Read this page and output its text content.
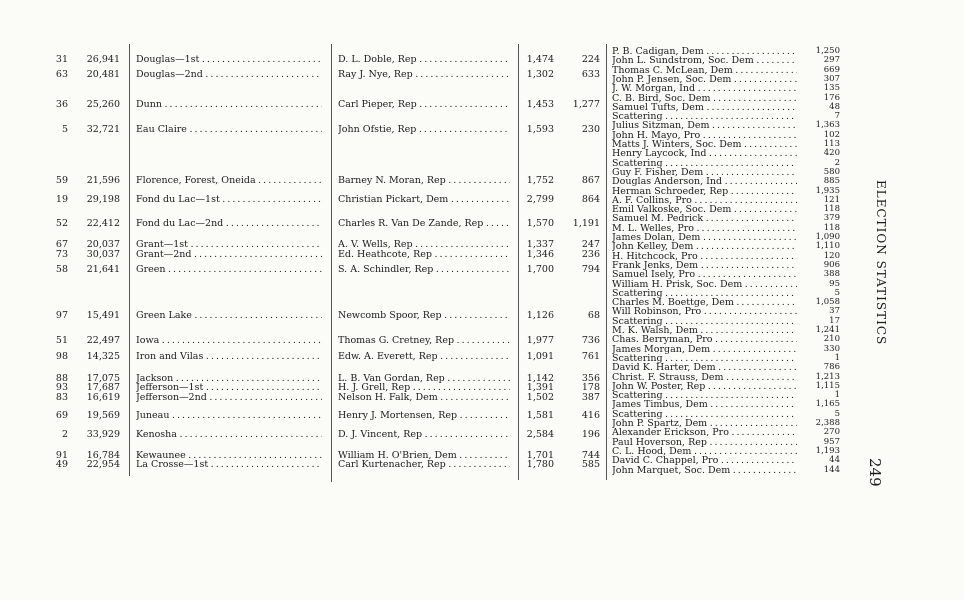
31	26,941 Douglas—1st . . .	D. L. Doble, Rep . . .	1,474	224
63	20,481 Douglas—2nd . . .	Ray J. Nye, Rep . . .	1,302	633
36	25,260 Dunn . . .	Carl Pieper, Rep . . .	1,453	1,277
5	32,721 Eau Claire . . .	John Ofstie, Rep . . .	1,593	230
59	21,596 Florence, Forest, Oneida . . .	Barney N. Moran, Rep . . .	1,752	867
19	29,198 Fond du Lac—1st . . .	Christian Pickart, Dem . . .	2,799	864
52	22,412 Fond du Lac—2nd . . .	Charles R. Van De Zande, Rep . . .	1,570	1,191
67	20,037 Grant—1st . . .	A. V. Wells, Rep . . .	1,337	247
73	30,037 Grant—2nd . . .	Ed. Heathcote, Rep . . .	1,346	236
58	21,641 Green . . .	S. A. Schindler, Rep . . .	1,700	794
97	15,491 Green Lake . . .	Newcomb Spoor, Rep . . .	1,126	68
51	22,497 Iowa . . .	Thomas G. Cretney, Rep . . .	1,977	736
98	14,325 Iron and Vilas . . .	Edw. A. Everett, Rep . . .	1,091	761
88	17,075 Jackson . . .	L. B. Van Gordan, Rep . . .	1,142	356
93	17,687 Jefferson—1st . . .	H. J. Grell, Rep . . .	1,391	178
83	16,619 Jefferson—2nd . . .	Nelson H. Falk, Dem . . .	1,502	387
69	19,569 Juneau . . .	Henry J. Mortensen, Rep . . .	1,581	416
2	33,929 Kenosha . . .	D. J. Vincent, Rep . . .	2,584	196
91	16,784 Kewaunee . . .	William H. O'Brien, Dem . . .	1,701	744
49	22,954 La Crosse—1st . . .	Carl Kurtenacher, Rep . . .	1,780	585
P. B. Cadigan, Dem . . .	1,250
John L. Sundstrom, Soc. Dem . . .	297
Thomas C. McLean, Dem . . .	669
John P. Jensen, Soc. Dem . . .	307
J. W. Morgan, Ind . . .	135
C. B. Bird, Soc. Dem . . .	176
Samuel Tufts, Dem . . .	48
Scattering . . .	7
Julius Sitzman, Dem . . .	1,363
John H. Mayo, Pro . . .	102
Matts J. Winters, Soc. Dem . . .	113
Henry Laycock, Ind . . .	420
Scattering . . .	2
Guy F. Fisher, Dem . . .	580
Douglas Anderson, Ind . . .	885
Herman Schroeder, Rep . . .	1,935
A. F. Collins, Pro . . .	121
Emil Valkoske, Soc. Dem . . .	118
Samuel M. Pedrick . . .	379
M. L. Welles, Pro . . .	118
James Dolan, Dem . . .	1,090
John Kelley, Dem . . .	1,110
H. Hitchcock, Pro . . .	120
Frank Jenks, Dem . . .	906
Samuel Isely, Pro . . .	388
William H. Prisk, Soc. Dem . . .	95
Scattering . . .	5
Charles M. Boettge, Dem . . .	1,058
Will Robinson, Pro . . .	37
Scattering . . .	17
M. K. Walsh, Dem . . .	1,241
Chas. Berryman, Pro . . .	210
James Morgan, Dem . . .	330
Scattering . . .	1
David K. Harter, Dem . . .	786
Christ. F. Strauss, Dem . . .	1,213
John W. Poster, Rep . . .	1,115
Scattering . . .	1
James Timbus, Dem . . .	1,165
Scattering . . .	5
John P. Spartz, Dem . . .	2,388
Alexander Erickson, Pro . . .	270
Paul Hoverson, Rep . . .	957
C. L. Hood, Dem . . .	1,193
David C. Chappel, Pro . . .	44
John Marquet, Soc. Dem . . .	144
ELECTION STATISTICS
249
